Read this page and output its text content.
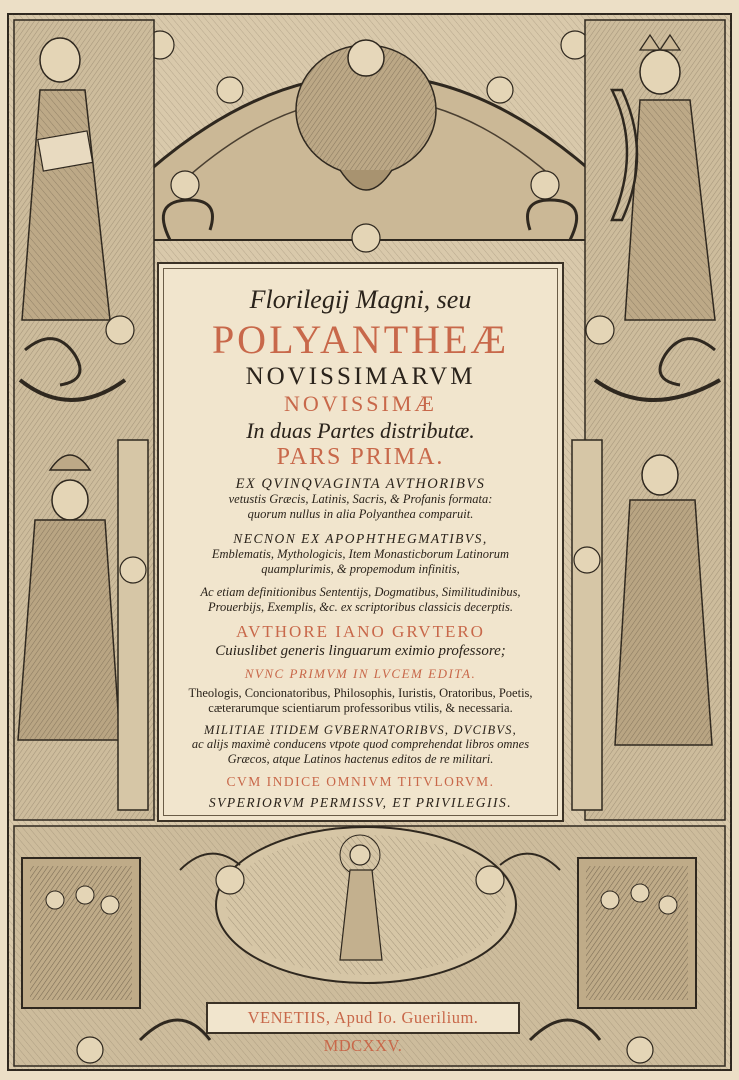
Florilegij Magni, seu
POLYANTHEÆ
NOVISSIMARVM
NOVISSIMÆ
In duas Partes distributæ.
PARS PRIMA.
EX QVINQVAGINTA AVTHORIBVS
vetustis Græcis, Latinis, Sacris, & Profanis formata:
quorum nullus in alia Polyanthea comparuit.
NECNON EX APOPHTHEGMATIBVS,
Emblematis, Mythologicis, Item Monasticborum Latinorum
quamplurimis, & propemodum infinitis,
Ac etiam definitionibus Sententijs, Dogmatibus, Similitudinibus,
Prouerbijs, Exemplis, &c. ex scriptoribus classicis decerptis.
AVTHORE IANO GRVTERO
Cuiuslibet generis linguarum eximio professore;
NVNC PRIMVM IN LVCEM EDITA.
Theologis, Concionatoribus, Philosophis, Iuristis, Oratoribus, Poetis,
cæterarumque scientiarum professoribus vtilis, & necessaria.
MILITIAE ITIDEM GVBERNATORIBVS, DVCIBVS,
ac alijs maximè conducens vtpote quod comprehendat libros omnes
Græcos, atque Latinos hactenus editos de re militari.
CVM INDICE OMNIVM TITVLORVM.
SVPERIORVM PERMISSV, ET PRIVILEGIIS.
VENETIIS, Apud Io. Guerilium. MDCXXV.
